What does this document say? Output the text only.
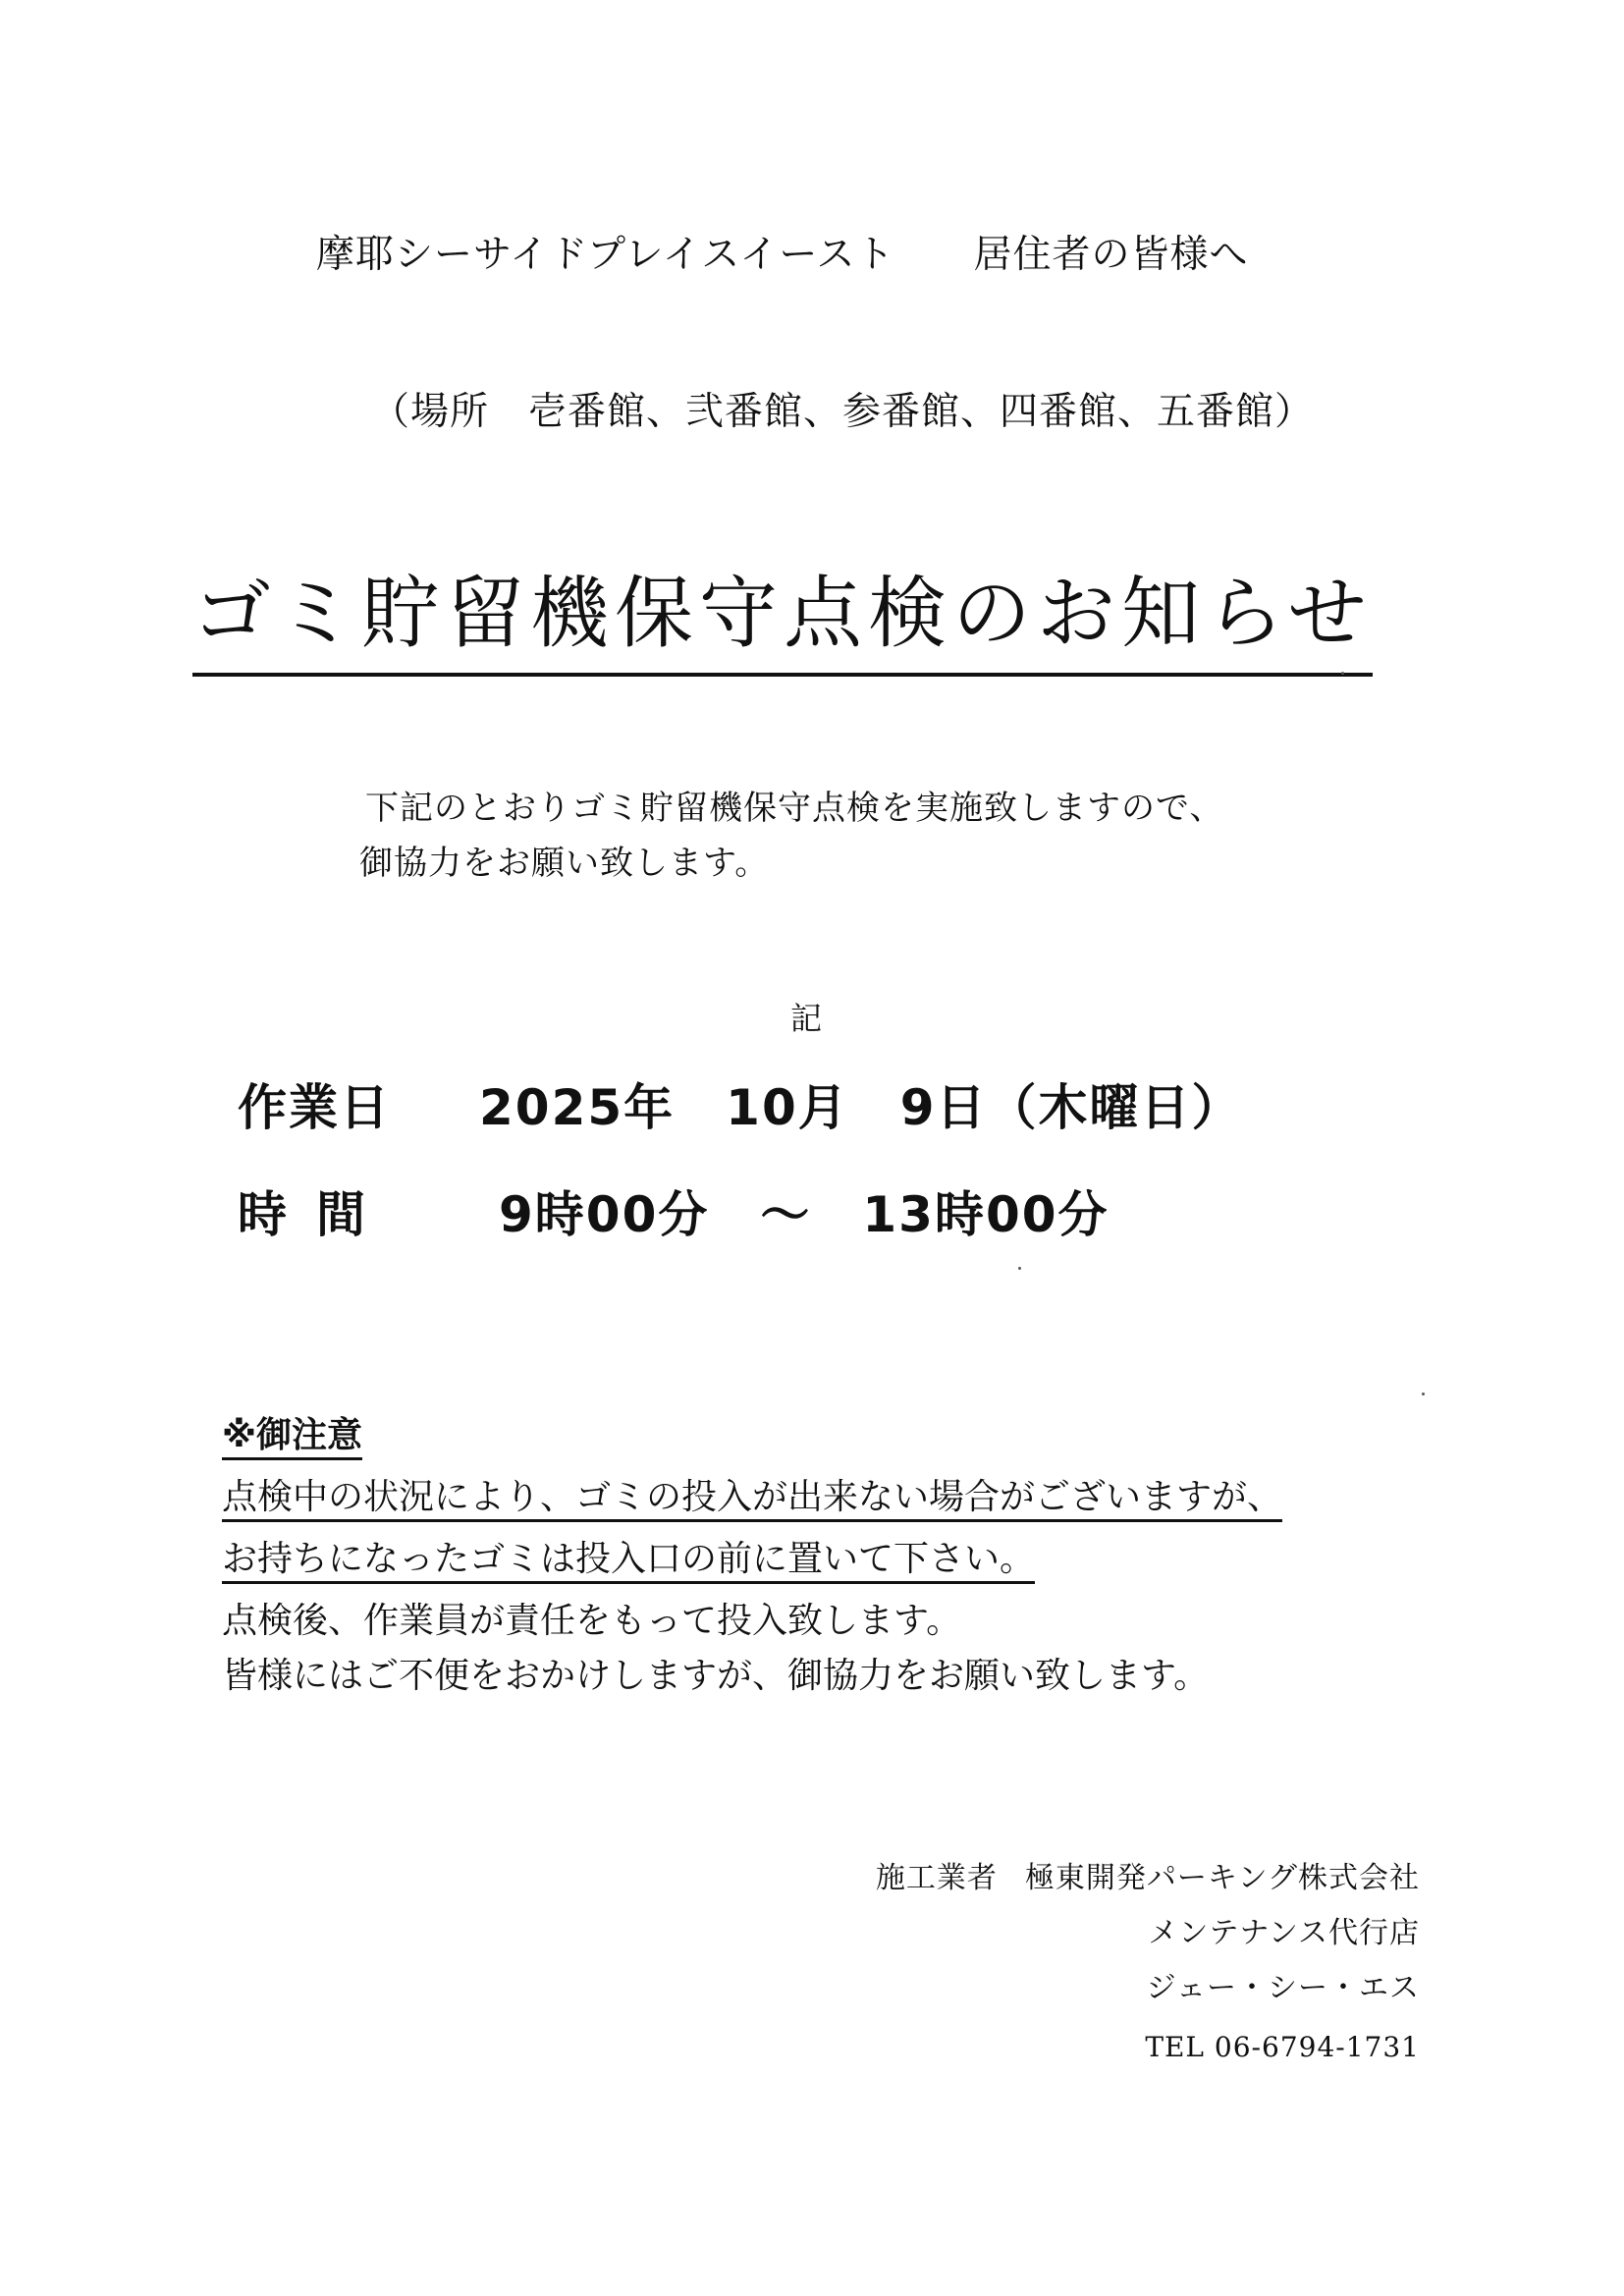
摩耶シーサイドプレイスイースト 居住者の皆様へ
（場所　壱番館、弐番館、参番館、四番館、五番館）
ゴミ貯留機保守点検のお知らせ
下記のとおりゴミ貯留機保守点検を実施致しますので、
御協力をお願い致します。
記
作業日 2025年　10月　9日（木曜日）
時 間	9時00分　～　13時00分
※御注意
点検中の状況により、ゴミの投入が出来ない場合がございますが、
お持ちになったゴミは投入口の前に置いて下さい。
点検後、作業員が責任をもって投入致します。
皆様にはご不便をおかけしますが、御協力をお願い致します。
施工業者 極東開発パーキング株式会社
メンテナンス代行店
ジェー・シー・エス
TEL 06-6794-1731
